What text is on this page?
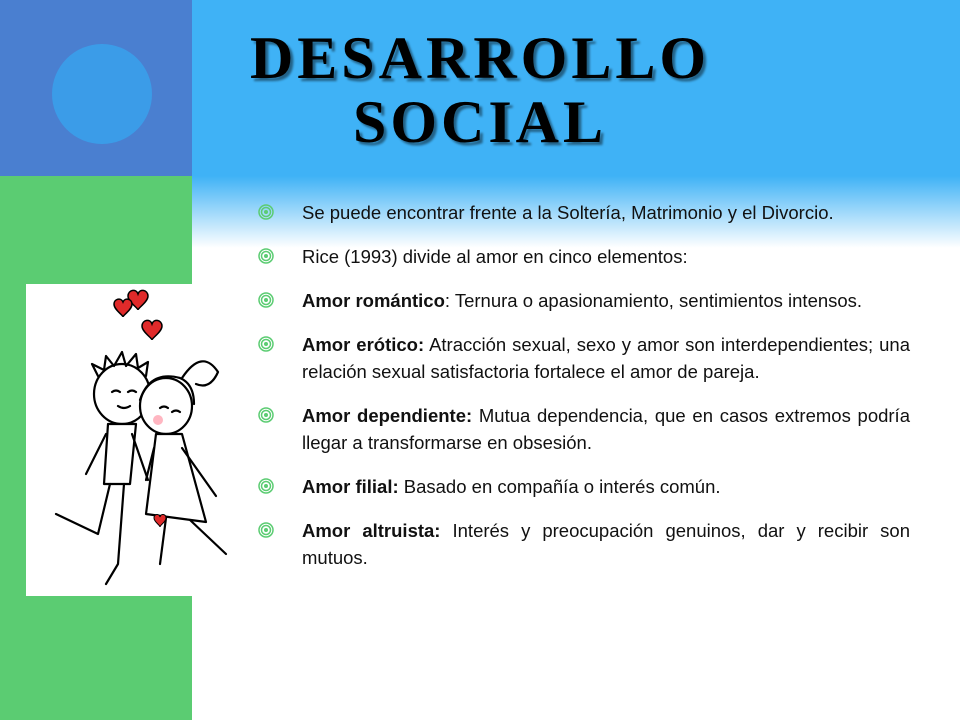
DESARROLLO
SOCIAL
Se puede encontrar frente a la Soltería, Matrimonio y el Divorcio.
Rice (1993) divide al amor en cinco elementos:
Amor romántico: Ternura o apasionamiento, sentimientos intensos.
Amor erótico: Atracción sexual, sexo y amor son interdependientes; una relación sexual satisfactoria fortalece el amor de pareja.
Amor dependiente: Mutua dependencia, que en casos extremos podría llegar a transformarse en obsesión.
Amor filial: Basado en compañía o interés común.
Amor altruista: Interés y preocupación genuinos, dar y recibir son mutuos.
